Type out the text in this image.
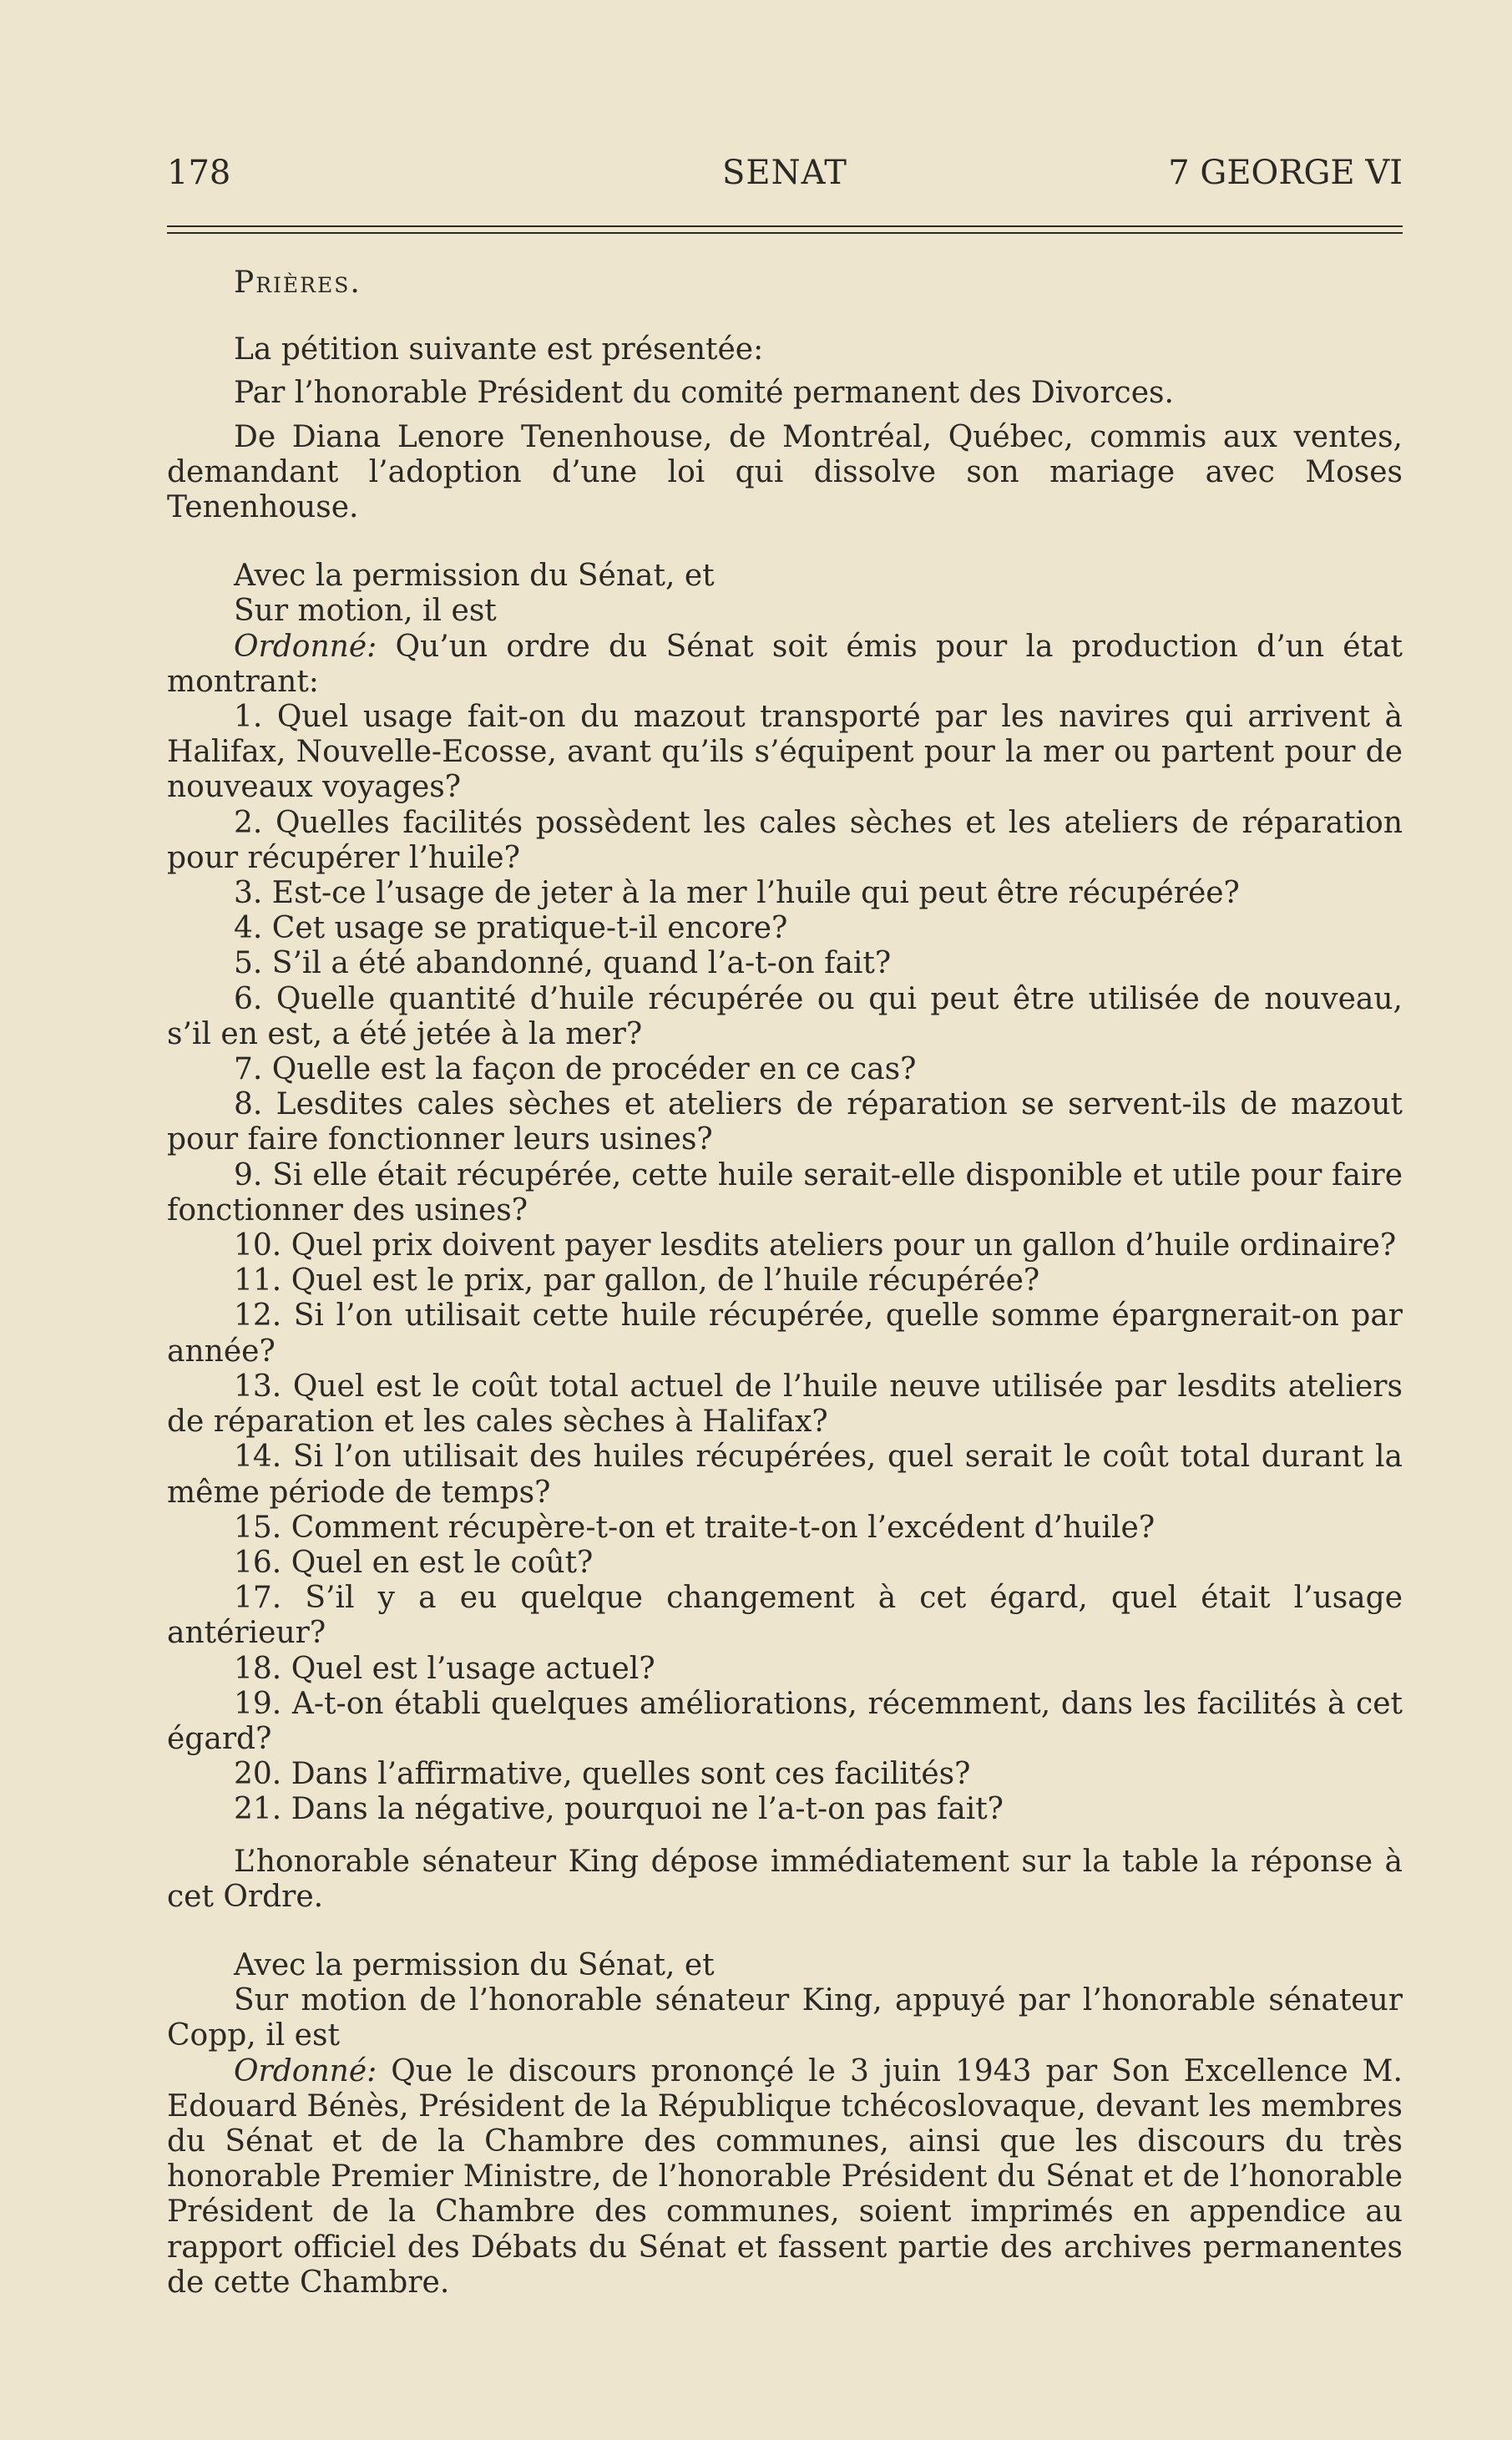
178	SENAT	7 GEORGE VI

Prières.

La pétition suivante est présentée:

Par l’honorable Président du comité permanent des Divorces.

De Diana Lenore Tenenhouse, de Montréal, Québec, commis aux ventes, demandant l’adoption d’une loi qui dissolve son mariage avec Moses Tenenhouse.

Avec la permission du Sénat, et

Sur motion, il est

Ordonné: Qu’un ordre du Sénat soit émis pour la production d’un état montrant:

1. Quel usage fait-on du mazout transporté par les navires qui arrivent à Halifax, Nouvelle-Ecosse, avant qu’ils s’équipent pour la mer ou partent pour de nouveaux voyages?

2. Quelles facilités possèdent les cales sèches et les ateliers de réparation pour récupérer l’huile?

3. Est-ce l’usage de jeter à la mer l’huile qui peut être récupérée?

4. Cet usage se pratique-t-il encore?

5. S’il a été abandonné, quand l’a-t-on fait?

6. Quelle quantité d’huile récupérée ou qui peut être utilisée de nouveau, s’il en est, a été jetée à la mer?

7. Quelle est la façon de procéder en ce cas?

8. Lesdites cales sèches et ateliers de réparation se servent-ils de mazout pour faire fonctionner leurs usines?

9. Si elle était récupérée, cette huile serait-elle disponible et utile pour faire fonctionner des usines?

10. Quel prix doivent payer lesdits ateliers pour un gallon d’huile ordinaire?

11. Quel est le prix, par gallon, de l’huile récupérée?

12. Si l’on utilisait cette huile récupérée, quelle somme épargnerait-on par année?

13. Quel est le coût total actuel de l’huile neuve utilisée par lesdits ateliers de réparation et les cales sèches à Halifax?

14. Si l’on utilisait des huiles récupérées, quel serait le coût total durant la même période de temps?

15. Comment récupère-t-on et traite-t-on l’excédent d’huile?

16. Quel en est le coût?

17. S’il y a eu quelque changement à cet égard, quel était l’usage antérieur?

18. Quel est l’usage actuel?

19. A-t-on établi quelques améliorations, récemment, dans les facilités à cet égard?

20. Dans l’affirmative, quelles sont ces facilités?

21. Dans la négative, pourquoi ne l’a-t-on pas fait?

L’honorable sénateur King dépose immédiatement sur la table la réponse à cet Ordre.

Avec la permission du Sénat, et

Sur motion de l’honorable sénateur King, appuyé par l’honorable sénateur Copp, il est

Ordonné: Que le discours prononçé le 3 juin 1943 par Son Excellence M. Edouard Bénès, Président de la République tchécoslovaque, devant les membres du Sénat et de la Chambre des communes, ainsi que les discours du très honorable Premier Ministre, de l’honorable Président du Sénat et de l’honorable Président de la Chambre des communes, soient imprimés en appendice au rapport officiel des Débats du Sénat et fassent partie des archives permanentes de cette Chambre.
